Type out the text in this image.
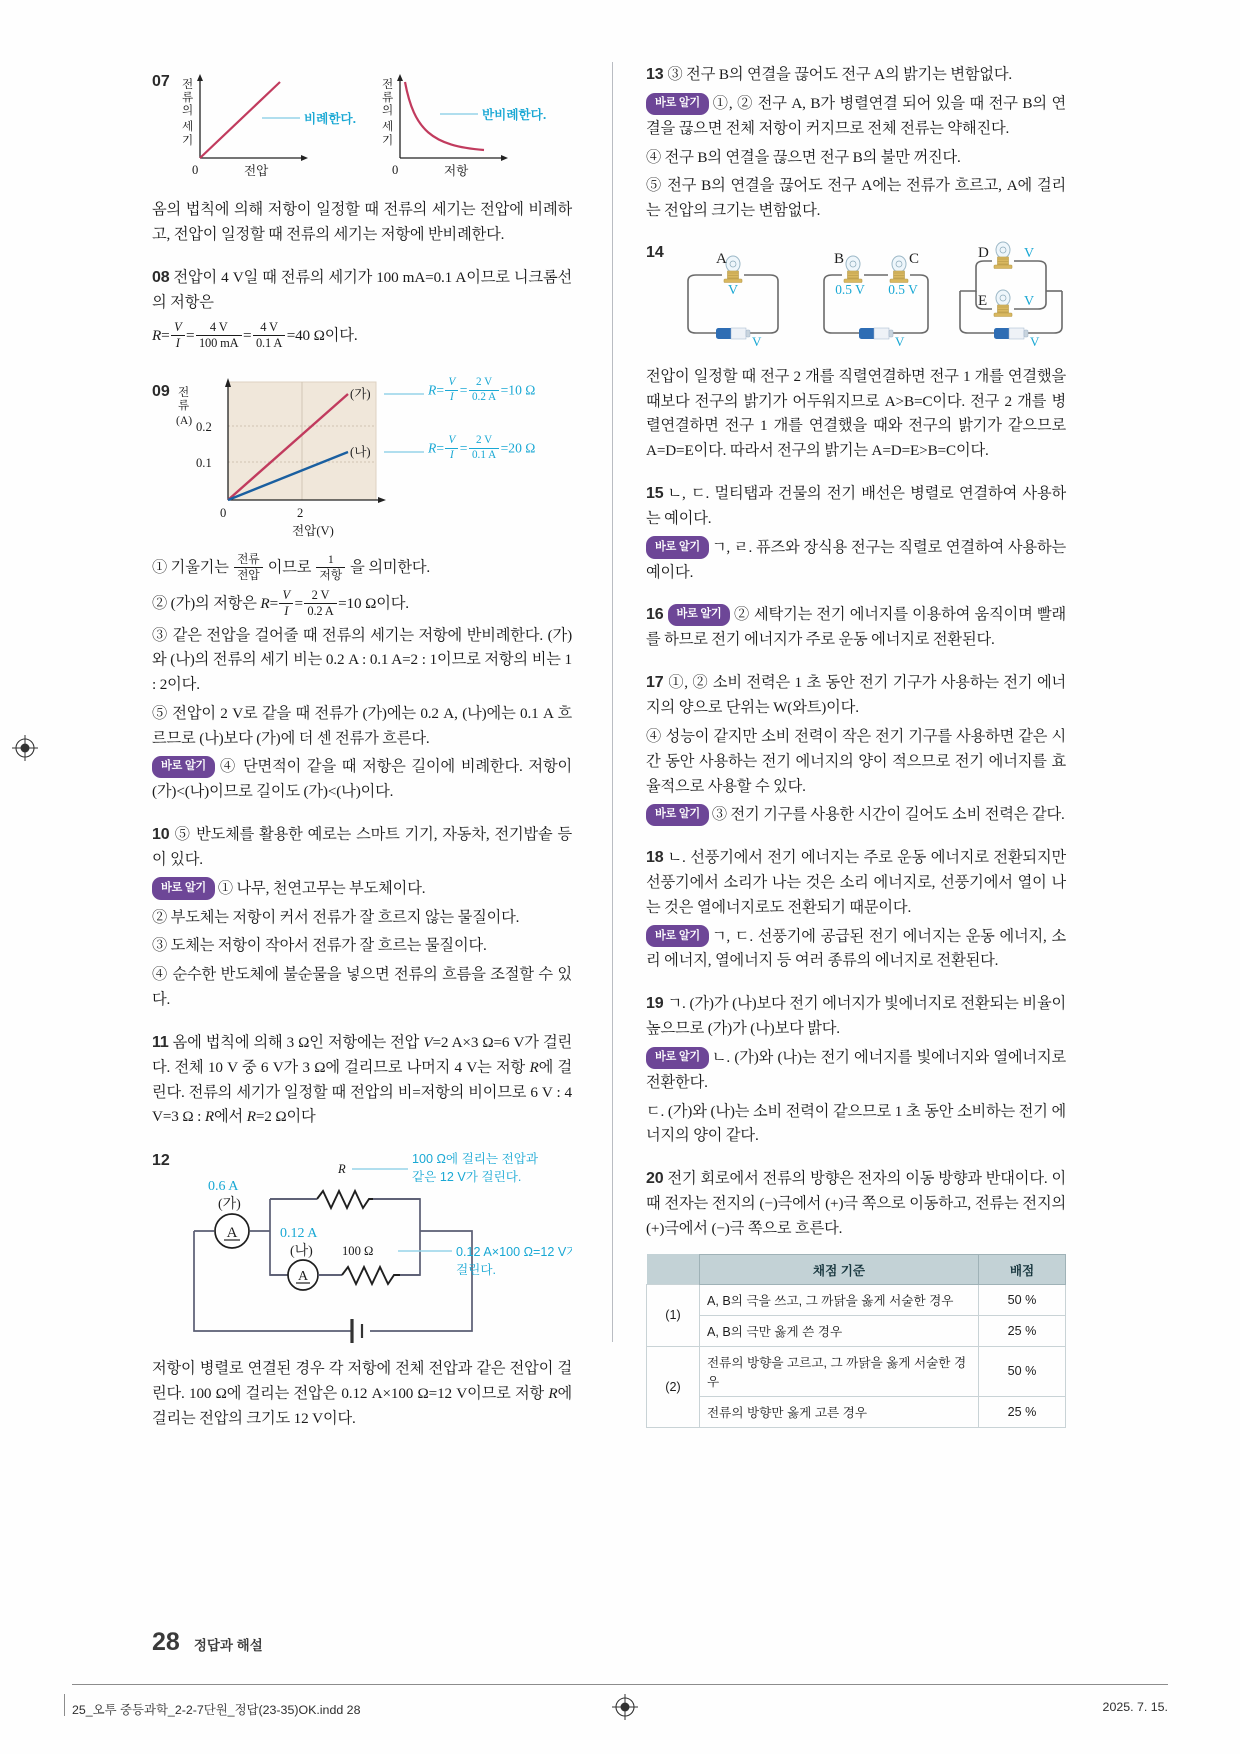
07 전
류
의
세
기
0	전압
비례한다.
전
류
의
세
기
0	저항
반비례한다.

옴의 법칙에 의해 저항이 일정할 때 전류의 세기는 전압에 비례하고, 전압이 일정할 때 전류의 세기는 저항에 반비례한다.

08 전압이 4 V일 때 전류의 세기가 100 mA=0.1 A이므로 니크롬선의 저항은

$R= \frac{V}{I} = \frac{4 V}{100 mA} = \frac{4 V}{0.1 A} =40$ Ω이다.

09
0.2
0.1
전
류
(A)
0	2
전압(V)
(가)
(나)
$R= \frac{V}{I} = \frac{2 V}{0.2 A} =10$ Ω
$R= \frac{V}{I} = \frac{2 V}{0.1 A} =20$ Ω

① 기울기는 $\frac{\text{전류}}{\text{전압}}$ 이므로 $\frac{1}{\text{저항}}$ 을 의미한다.

② (가)의 저항은 $R= \frac{V}{I} = \frac{2 V}{0.2 A} =10$ Ω이다.

③ 같은 전압을 걸어줄 때 전류의 세기는 저항에 반비례한다. (가)와 (나)의 전류의 세기 비는 0.2 A : 0.1 A=2 : 1이므로 저항의 비는 1 : 2이다.

⑤ 전압이 2 V로 같을 때 전류가 (가)에는 0.2 A, (나)에는 0.1 A 흐르므로 (나)보다 (가)에 더 센 전류가 흐른다.

바로 알기 ④ 단면적이 같을 때 저항은 길이에 비례한다. 저항이 (가)<(나)이므로 길이도 (가)<(나)이다.

10 ⑤ 반도체를 활용한 예로는 스마트 기기, 자동차, 전기밥솥 등이 있다.

바로 알기 ① 나무, 천연고무는 부도체이다.

② 부도체는 저항이 커서 전류가 잘 흐르지 않는 물질이다.

③ 도체는 저항이 작아서 전류가 잘 흐르는 물질이다.

④ 순수한 반도체에 불순물을 넣으면 전류의 흐름을 조절할 수 있다.

11 옴에 법칙에 의해 3 Ω인 저항에는 전압 V=2 A×3 Ω=6 V가 걸린다. 전체 10 V 중 6 V가 3 Ω에 걸리므로 나머지 4 V는 저항 R에 걸린다. 전류의 세기가 일정할 때 전압의 비=저항의 비이므로 6 V : 4 V=3 Ω : R에서 R=2 Ω이다

12	R
A
100 Ω
A
0.6 A
(가)
0.12 A
(나)
100 Ω에 걸리는 전압과
같은 12 V가 걸린다.
0.12 A×100 Ω=12 V가
걸린다.

저항이 병렬로 연결된 경우 각 저항에 전체 전압과 같은 전압이 걸린다. 100 Ω에 걸리는 전압은 0.12 A×100 Ω=12 V이므로 저항 R에 걸리는 전압의 크기도 12 V이다.

13 ③ 전구 B의 연결을 끊어도 전구 A의 밝기는 변함없다.

바로 알기 ①, ② 전구 A, B가 병렬연결 되어 있을 때 전구 B의 연결을 끊으면 전체 저항이 커지므로 전체 전류는 약해진다.

④ 전구 B의 연결을 끊으면 전구 B의 불만 꺼진다.

⑤ 전구 B의 연결을 끊어도 전구 A에는 전류가 흐르고, A에 걸리는 전압의 크기는 변함없다.

14	A
V
V
B	C
0.5 V 0.5 V
V
D
E
V
V
V

전압이 일정할 때 전구 2 개를 직렬연결하면 전구 1 개를 연결했을 때보다 전구의 밝기가 어두워지므로 A>B=C이다. 전구 2 개를 병렬연결하면 전구 1 개를 연결했을 때와 전구의 밝기가 같으므로 A=D=E이다. 따라서 전구의 밝기는 A=D=E>B=C이다.

15 ㄴ, ㄷ. 멀티탭과 건물의 전기 배선은 병렬로 연결하여 사용하는 예이다.

바로 알기 ㄱ, ㄹ. 퓨즈와 장식용 전구는 직렬로 연결하여 사용하는 예이다.

16 바로 알기 ② 세탁기는 전기 에너지를 이용하여 움직이며 빨래를 하므로 전기 에너지가 주로 운동 에너지로 전환된다.

17 ①, ② 소비 전력은 1 초 동안 전기 기구가 사용하는 전기 에너지의 양으로 단위는 W(와트)이다.

④ 성능이 같지만 소비 전력이 작은 전기 기구를 사용하면 같은 시간 동안 사용하는 전기 에너지의 양이 적으므로 전기 에너지를 효율적으로 사용할 수 있다.

바로 알기 ③ 전기 기구를 사용한 시간이 길어도 소비 전력은 같다.

18 ㄴ. 선풍기에서 전기 에너지는 주로 운동 에너지로 전환되지만 선풍기에서 소리가 나는 것은 소리 에너지로, 선풍기에서 열이 나는 것은 열에너지로도 전환되기 때문이다.

바로 알기 ㄱ, ㄷ. 선풍기에 공급된 전기 에너지는 운동 에너지, 소리 에너지, 열에너지 등 여러 종류의 에너지로 전환된다.

19 ㄱ. (가)가 (나)보다 전기 에너지가 빛에너지로 전환되는 비율이 높으므로 (가)가 (나)보다 밝다.

바로 알기 ㄴ. (가)와 (나)는 전기 에너지를 빛에너지와 열에너지로 전환한다.

ㄷ. (가)와 (나)는 소비 전력이 같으므로 1 초 동안 소비하는 전기 에너지의 양이 같다.

20 전기 회로에서 전류의 방향은 전자의 이동 방향과 반대이다. 이때 전자는 전지의 (−)극에서 (+)극 쪽으로 이동하고, 전류는 전지의 (+)극에서 (−)극 쪽으로 흐른다.

	채점 기준	배점
(1)	A, B의 극을 쓰고, 그 까닭을 옳게 서술한 경우	50 %
	A, B의 극만 옳게 쓴 경우	25 %
(2)	전류의 방향을 고르고, 그 까닭을 옳게 서술한 경우	50 %
	전류의 방향만 옳게 고른 경우	25 %
28 정답과 해설
25_오투 중등과학_2-2-7단원_정답(23-35)OK.indd 28	2025. 7. 15.
